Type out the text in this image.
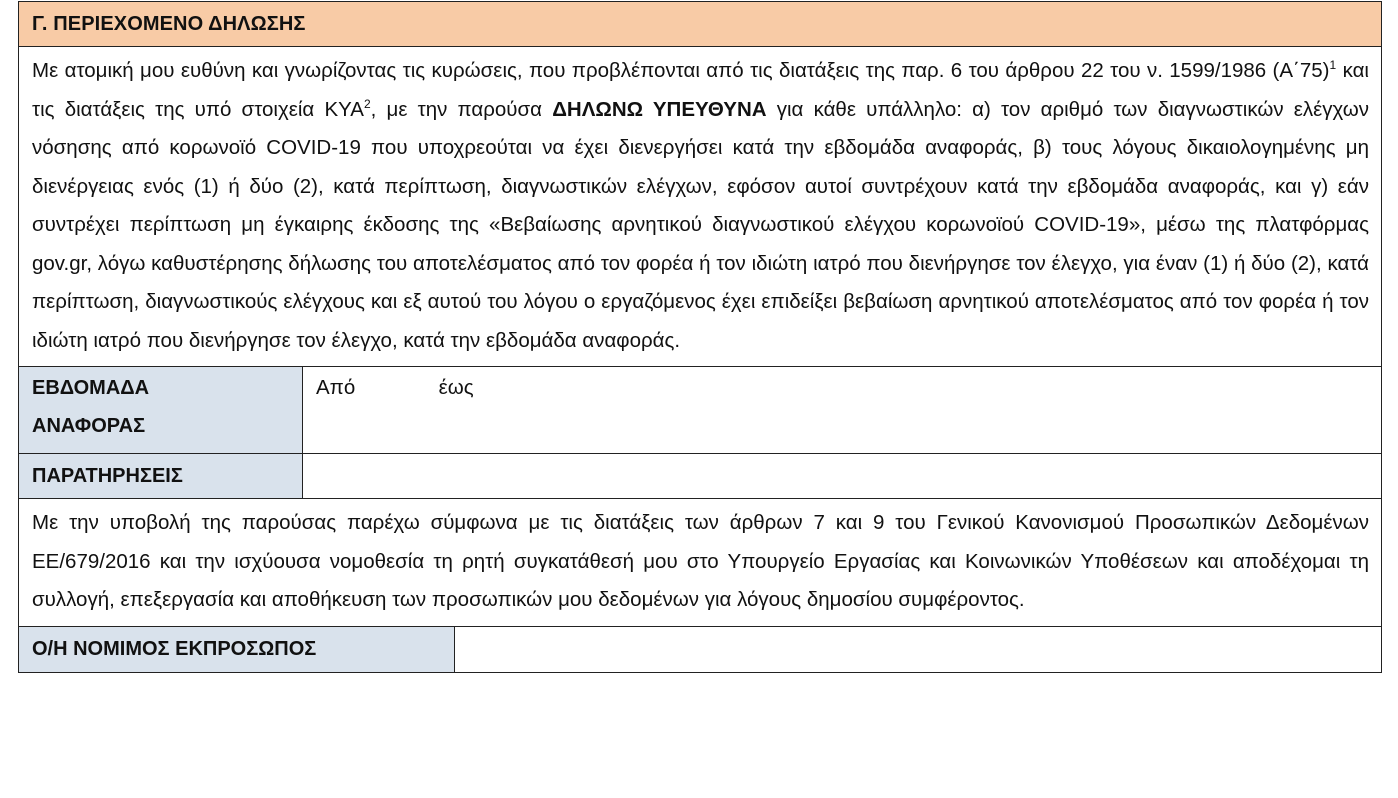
Γ. ΠΕΡΙΕΧΟΜΕΝΟ ΔΗΛΩΣΗΣ
Με ατομική μου ευθύνη και γνωρίζοντας τις κυρώσεις, που προβλέπονται από τις διατάξεις της παρ. 6 του άρθρου 22 του ν. 1599/1986 $(A΄75)^1$ και τις διατάξεις της υπό στοιχεία ΚΥΑ$^2$, με την παρούσα ΔΗΛΩΝΩ ΥΠΕΥΘΥΝΑ για κάθε υπάλληλο: α) τον αριθμό των διαγνωστικών ελέγχων νόσησης από κορωνοϊό COVID-19 που υποχρεούται να έχει διενεργήσει κατά την εβδομάδα αναφοράς, β) τους λόγους δικαιολογημένης μη διενέργειας ενός (1) ή δύο (2), κατά περίπτωση, διαγνωστικών ελέγχων, εφόσον αυτοί συντρέχουν κατά την εβδομάδα αναφοράς, και γ) εάν συντρέχει περίπτωση μη έγκαιρης έκδοσης της «Βεβαίωσης αρνητικού διαγνωστικού ελέγχου κορωνοϊού COVID-19», μέσω της πλατφόρμας gov.gr, λόγω καθυστέρησης δήλωσης του αποτελέσματος από τον φορέα ή τον ιδιώτη ιατρό που διενήργησε τον έλεγχο, για έναν (1) ή δύο (2), κατά περίπτωση, διαγνωστικούς ελέγχους και εξ αυτού του λόγου ο εργαζόμενος έχει επιδείξει βεβαίωση αρνητικού αποτελέσματος από τον φορέα ή τον ιδιώτη ιατρό που διενήργησε τον έλεγχο, κατά την εβδομάδα αναφοράς.
ΕΒΔΟΜΑΔΑ
ΑΝΑΦΟΡΑΣ
Από	έως
ΠΑΡΑΤΗΡΗΣΕΙΣ
Με την υποβολή της παρούσας παρέχω σύμφωνα με τις διατάξεις των άρθρων 7 και 9 του Γενικού Κανονισμού Προσωπικών Δεδομένων ΕΕ/679/2016 και την ισχύουσα νομοθεσία τη ρητή συγκατάθεσή μου στο Υπουργείο Εργασίας και Κοινωνικών Υποθέσεων και αποδέχομαι τη συλλογή, επεξεργασία και αποθήκευση των προσωπικών μου δεδομένων για λόγους δημοσίου συμφέροντος.
Ο/Η ΝΟΜΙΜΟΣ ΕΚΠΡΟΣΩΠΟΣ
